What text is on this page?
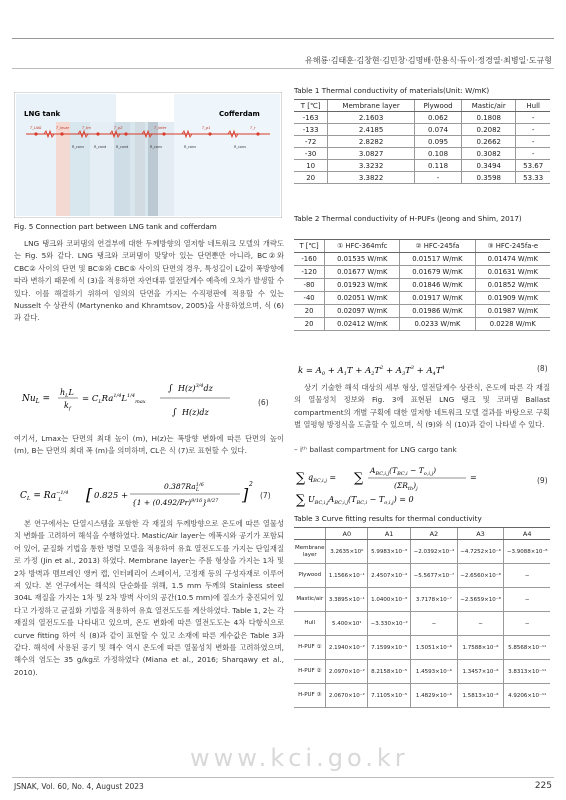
유해룡·김태훈·김창현·김민창·김명배·한용식·듀이·정경열·최병일·도규형
LNG tank	Cofferdam
T_LNG	T_invar	T_tm	T_p2	T_inter	T_p1	T_r
R_conv	R_cond	R_cond	R_conv	R_conv	R_conv
Fig. 5 Connection part between LNG tank and cofferdam
Table 1 Thermal conductivity of materials(Unit: W/mK)
T [℃]	Membrane layer	Plywood	Mastic/air	Hull
-163	2.1603	0.062	0.1808	-
-133	2.4185	0.074	0.2082	-
-72	2.8282	0.095	0.2662	-
-30	3.0827	0.108	0.3082	-
10	3.3232	0.118	0.3494	53.67
20	3.3822	-	0.3598	53.33
Table 2 Thermal conductivity of H-PUFs (Jeong and Shim, 2017)
T [℃]	① HFC-364mfc	② HFC-245fa	③ HFC-245fa-e
-160	0.01535 W/mK	0.01517 W/mK	0.01474 W/mK
-120	0.01677 W/mK	0.01679 W/mK	0.01631 W/mK
-80	0.01923 W/mK	0.01846 W/mK	0.01852 W/mK
-40	0.02051 W/mK	0.01917 W/mK	0.01909 W/mK
20	0.02097 W/mK	0.01986 W/mK	0.01987 W/mK
20	0.02412 W/mK	0.0233 W/mK	0.0228 W/mK
LNG 탱크와 코퍼댐의 연결부에 대한 두께방향의 열저항 네트워크 모델의 개략도는 Fig. 5와 같다. LNG 탱크와 코퍼댐이 맞닿아 있는 단면뿐만 아니라, BC②와 CBC② 사이의 단면 및 BC⑤와 CBC⑤ 사이의 단면의 경우, 특성길이 L값이 폭방향에 따라 변하기 때문에 식 (3)을 적용하면 자연대류 열전달계수 예측에 오차가 발생할 수 있다. 이를 해결하기 위하여 임의의 단면을 가지는 수직평판에 적용할 수 있는 Nusselt 수 상관식 (Martynenko and Khramtsov, 2005)을 사용하였으며, 식 (6)과 같다.
$Nu_L$ =
$h_LL$
$k_f$
= $C_LRa^{1/4}L^{1/4}_{max}$
∫ $H(z)^{3/4}dz$
∫ H(z)dz
(6)
여기서, Lmax는 단면의 최대 높이 (m), H(z)는 폭방향 변화에 따른 단면의 높이 (m), B는 단면의 최대 폭 (m)을 의미하며, CL은 식 (7)로 표현할 수 있다.
$C_L = Ra^{-1/4}$ L	[ 0.825 +
$0.387Ra^{1/6}$ L
$\{1 + (0.492/Pr)^{9/16}\}^{8/27}$ ]
2
(7)
본 연구에서는 단열시스템을 포함한 각 재질의 두께방향으로 온도에 따른 열물성치 변화를 고려하여 해석을 수행하였다. Mastic/Air layer는 에폭시와 공기가 포함되어 있어, 균질화 기법을 통한 병렬 모델을 적용하여 유효 열전도도를 가지는 단일재질로 가정 (Jin et al., 2013) 하였다. Membrane layer는 주름 형상을 가지는 1차 및 2차 방벽과 멤브레인 앵커 캡, 인터페리어 스페이서, 고정재 등의 구성자재로 이루어져 있다. 본 연구에서는 해석의 단순화를 위해, 1.5 mm 두께의 Stainless steel 304L 재질을 가지는 1차 및 2차 방벽 사이의 공간(10.5 mm)에 질소가 충진되어 있다고 가정하고 균질화 기법을 적용하여 유효 열전도도를 계산하였다. Table 1, 2는 각 재질의 열전도도를 나타내고 있으며, 온도 변화에 따른 열전도도는 4차 다항식으로 curve fitting 하여 식 (8)과 같이 표현할 수 있고 소재에 따른 계수값은 Table 3과 같다. 해석에 사용된 공기 및 해수 역시 온도에 따른 열물성치 변화를 고려하였으며, 해수의 염도는 35 g/kg로 가정하였다 (Miana et al., 2016; Sharqawy et al., 2010).
$k = A_0 + A_1T + A_2T^2 + A_3T^3 + A_4T^4$	(8)
상기 기술한 해석 대상의 세부 형상, 열전달계수 상관식, 온도에 따른 각 재질의 열물성치 정보와 Fig. 3에 표현된 LNG 탱크 및 코퍼댐 Ballast compartment의 개별 구획에 대한 열저항 네트워크 모델 결과를 바탕으로 구획별 열평형 방정식을 도출할 수 있으며, 식 (9)와 식 (10)과 같이 나타낼 수 있다.
– iᵗʰ ballast compartment for LNG cargo tank
∑ $q_{BC,i,j}$ = ∑
$A_{BC,i,j}(T_{BC,i} - T_{o,i,j})$
$(\Sigma R_{th})_j$
=
∑ $U_{BC,i,j}A_{BC,i,j}(T_{BC,i} - T_{o,i,j}) = 0$
(9)
Table 3 Curve fitting results for thermal conductivity
	A0	A1	A2	A3	A4
Membrane layer	3.2635×10⁰	5.9983×10⁻³	−2.0392×10⁻⁴	−4.7252×10⁻⁶	−3.9088×10⁻⁸
Plywood	1.1566×10⁻¹	2.4507×10⁻⁴	−5.5677×10⁻⁷	−2.6560×10⁻⁸	−
Mastic/air	3.3895×10⁻¹	1.0400×10⁻³	3.7178×10⁻⁷	−2.5659×10⁻⁸	−
Hull	5.400×10¹	−3.330×10⁻²	−	−	−
H-PUF ①	2.1940×10⁻²	7.1599×10⁻⁵	1.5051×10⁻⁶	1.7588×10⁻⁸	5.8568×10⁻¹¹
H-PUF ②	2.0970×10⁻²	8.2158×10⁻⁵	1.4593×10⁻⁶	1.3457×10⁻⁸	3.8313×10⁻¹¹
H-PUF ③	2.0670×10⁻²	7.1105×10⁻⁵	1.4829×10⁻⁶	1.5813×10⁻⁸	4.9206×10⁻¹¹
www.kci.go.kr
JSNAK, Vol. 60, No. 4, August 2023	225
